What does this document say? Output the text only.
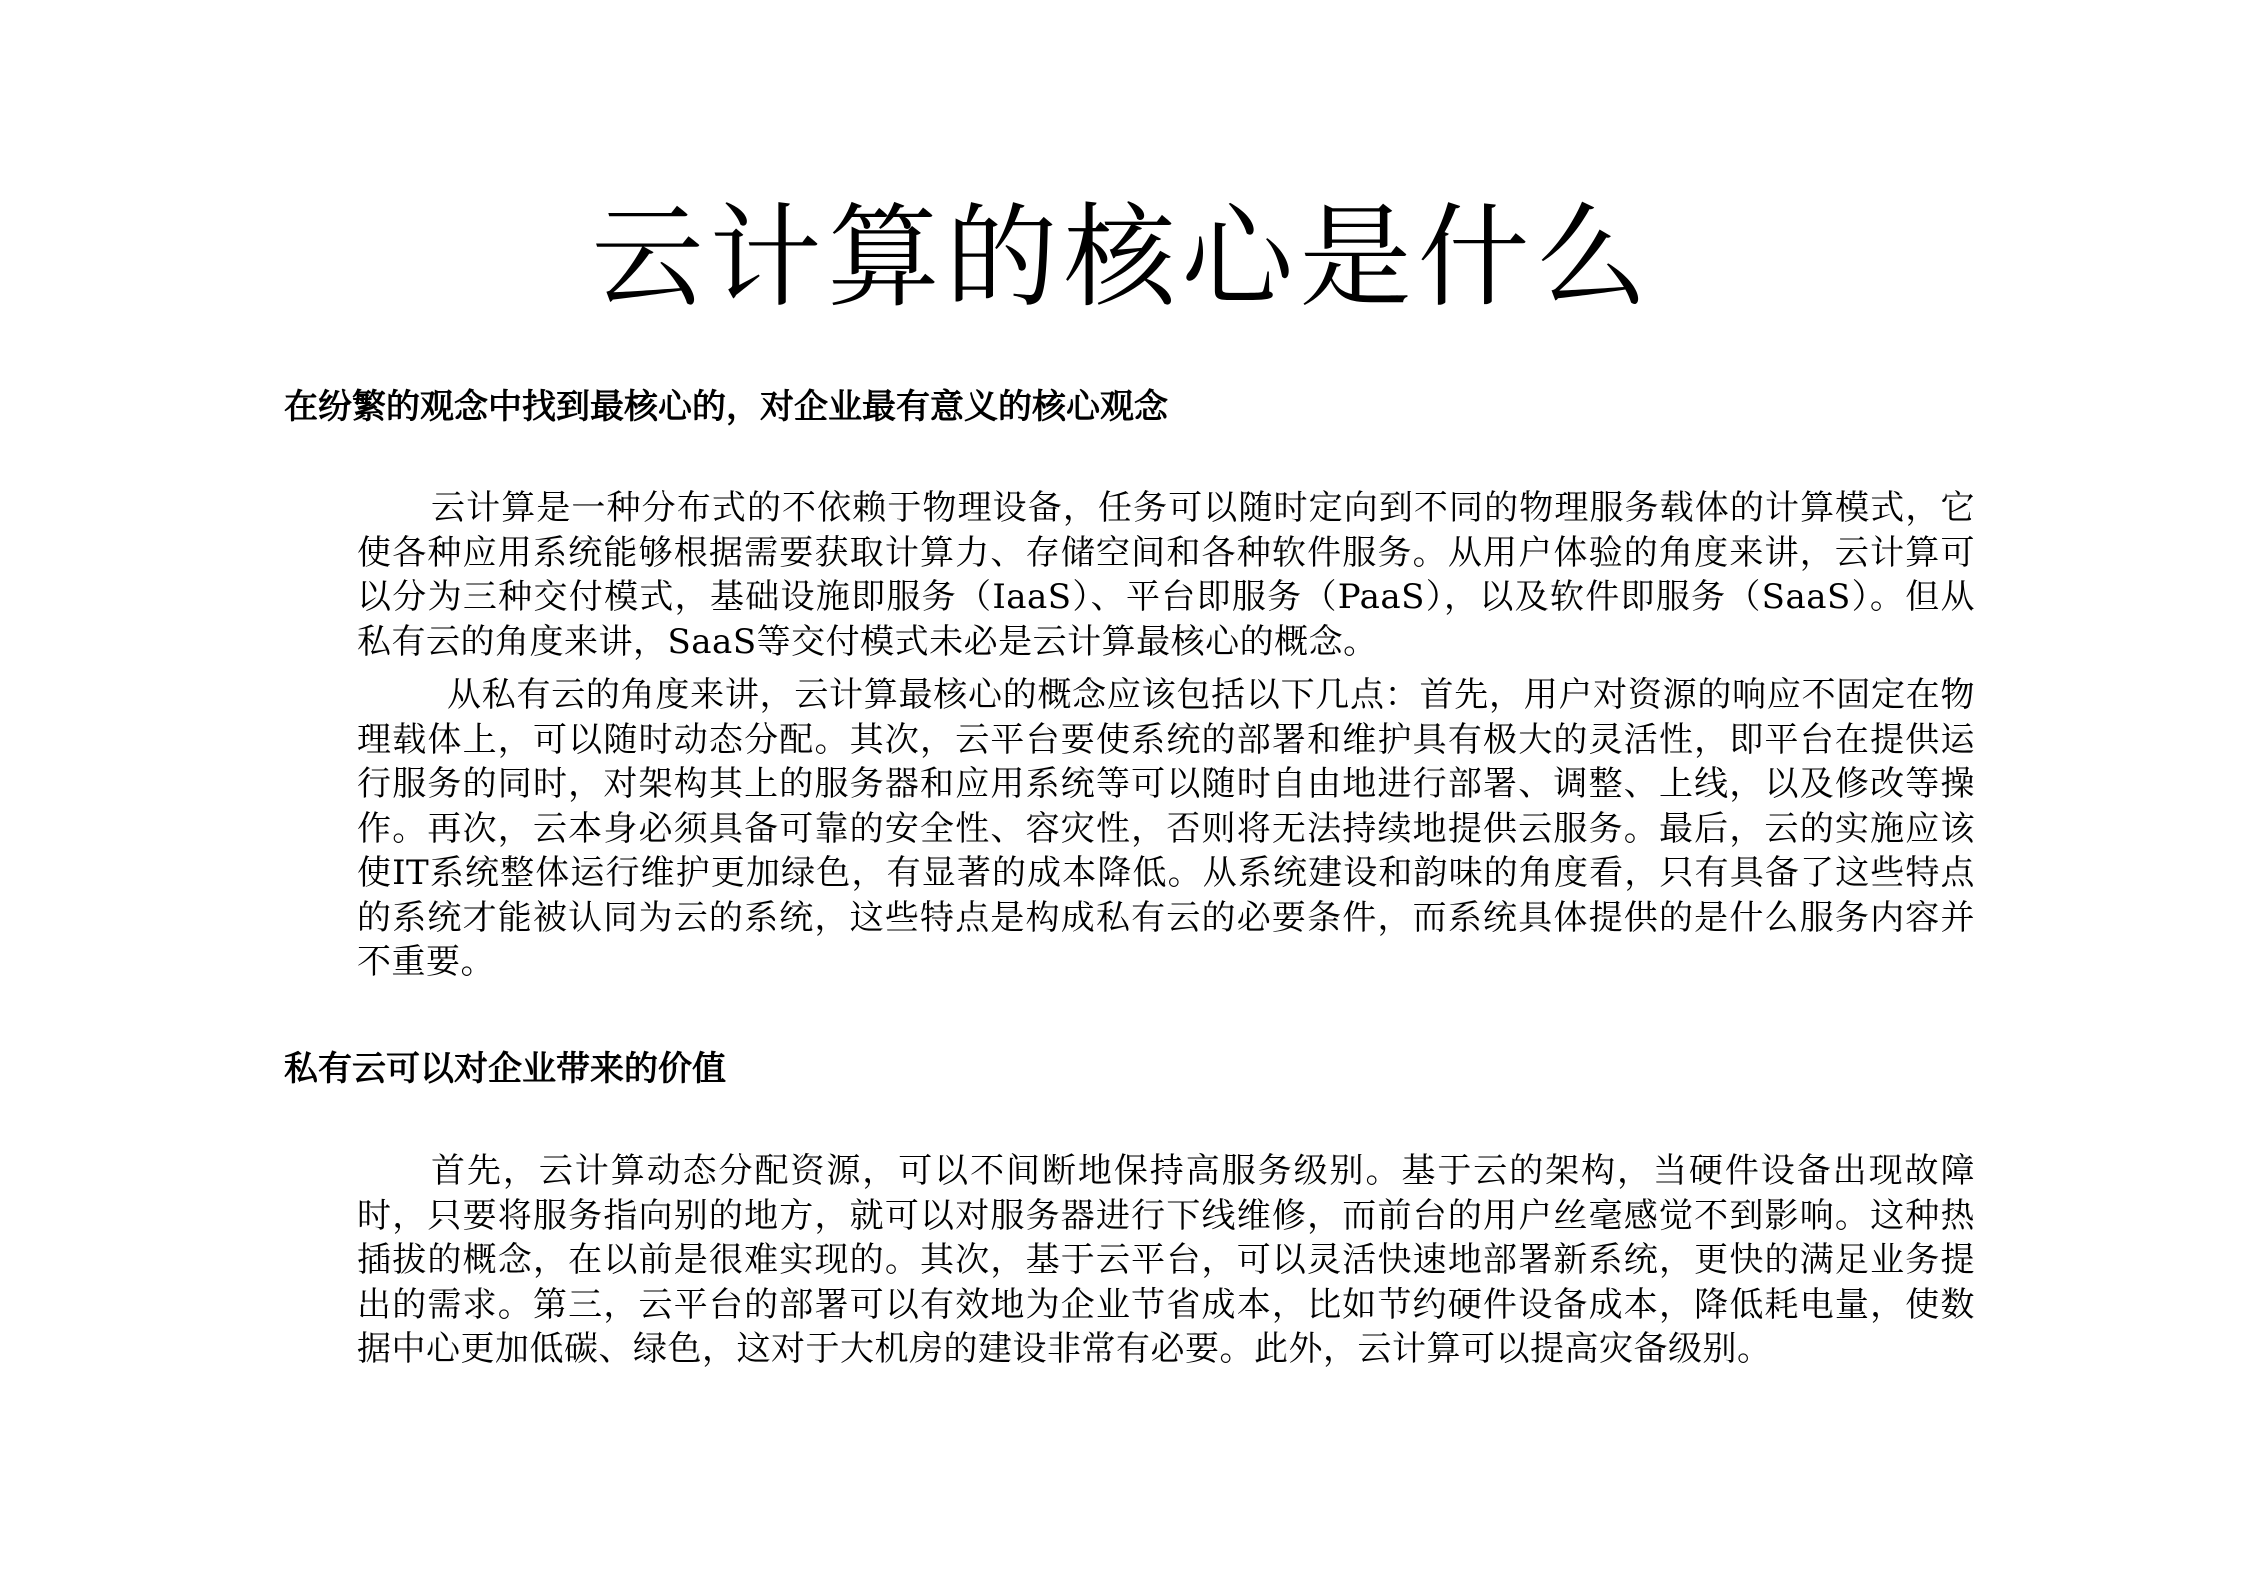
云计算的核心是什么
在纷繁的观念中找到最核心的，对企业最有意义的核心观念

云计算是一种分布式的不依赖于物理设备，任务可以随时定向到不同的物理服务载体的计算模式，它使各种应用系统能够根据需要获取计算力、存储空间和各种软件服务。从用户体验的角度来讲，云计算可以分为三种交付模式，基础设施即服务（IaaS）、平台即服务（PaaS），以及软件即服务（SaaS）。但从私有云的角度来讲，SaaS等交付模式未必是云计算最核心的概念。

从私有云的角度来讲，云计算最核心的概念应该包括以下几点：首先，用户对资源的响应不固定在物理载体上，可以随时动态分配。其次，云平台要使系统的部署和维护具有极大的灵活性，即平台在提供运行服务的同时，对架构其上的服务器和应用系统等可以随时自由地进行部署、调整、上线，以及修改等操作。再次，云本身必须具备可靠的安全性、容灾性，否则将无法持续地提供云服务。最后，云的实施应该使IT系统整体运行维护更加绿色，有显著的成本降低。从系统建设和韵味的角度看，只有具备了这些特点的系统才能被认同为云的系统，这些特点是构成私有云的必要条件，而系统具体提供的是什么服务内容并不重要。

私有云可以对企业带来的价值

首先，云计算动态分配资源，可以不间断地保持高服务级别。基于云的架构，当硬件设备出现故障时，只要将服务指向别的地方，就可以对服务器进行下线维修，而前台的用户丝毫感觉不到影响。这种热插拔的概念，在以前是很难实现的。其次，基于云平台，可以灵活快速地部署新系统，更快的满足业务提出的需求。第三，云平台的部署可以有效地为企业节省成本，比如节约硬件设备成本，降低耗电量，使数据中心更加低碳、绿色，这对于大机房的建设非常有必要。此外，云计算可以提高灾备级别。
